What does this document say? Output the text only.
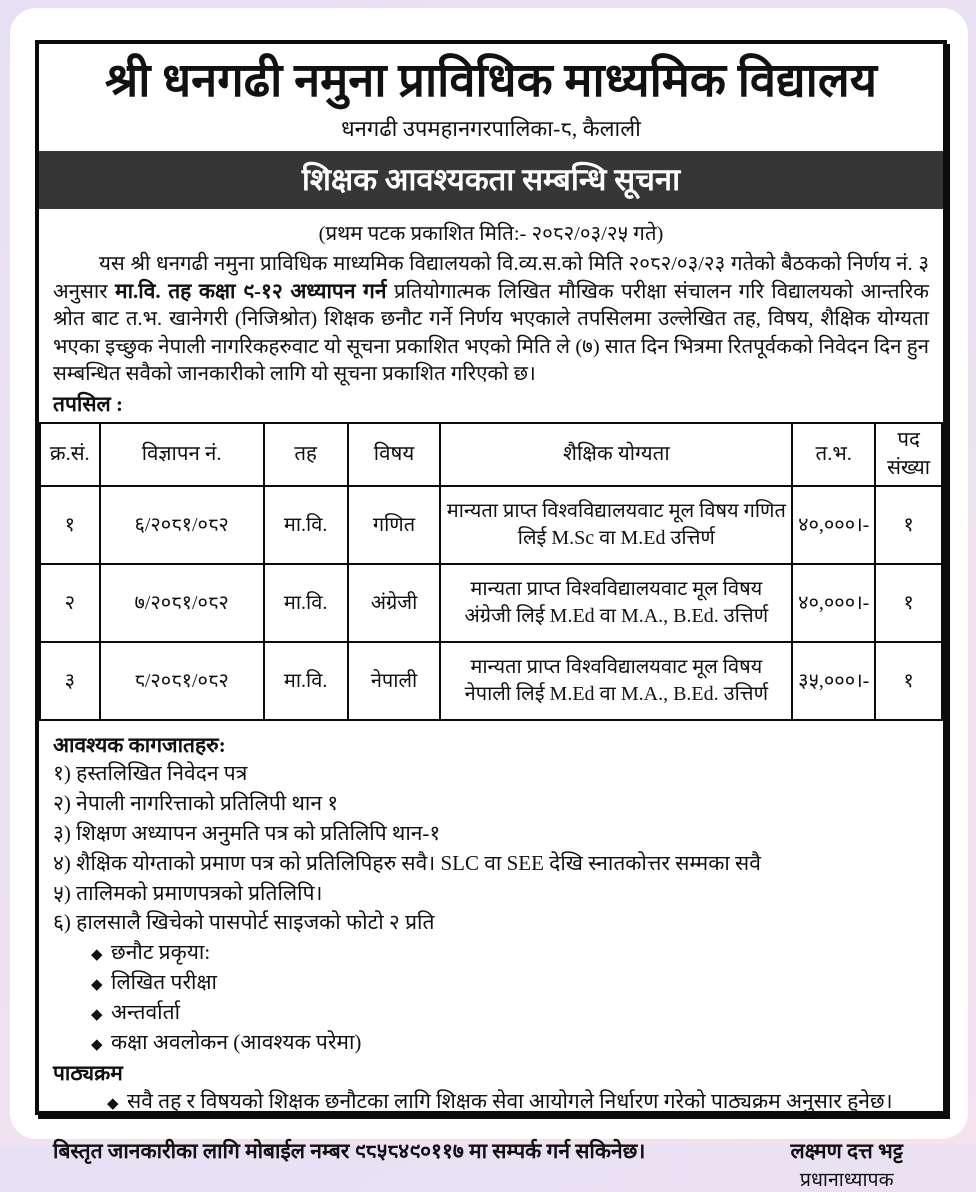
श्री धनगढी नमुना प्राविधिक माध्यमिक विद्यालय
धनगढी उपमहानगरपालिका-८, कैलाली
शिक्षक आवश्यकता सम्बन्धि सूचना
(प्रथम पटक प्रकाशित मिति:- २०८२/०३/२५ गते)
यस श्री धनगढी नमुना प्राविधिक माध्यमिक विद्यालयको वि.व्य.स.को मिति २०८२/०३/२३ गतेको बैठकको निर्णय नं. ३ अनुसार मा.वि. तह कक्षा ९-१२ अध्यापन गर्न प्रतियोगात्मक लिखित मौखिक परीक्षा संचालन गरि विद्यालयको आन्तरिक श्रोत बाट त.भ. खानेगरी (निजिश्रोत) शिक्षक छनौट गर्ने निर्णय भएकाले तपसिलमा उल्लेखित तह, विषय, शैक्षिक योग्यता भएका इच्छुक नेपाली नागरिकहरुवाट यो सूचना प्रकाशित भएको मिति ले (७) सात दिन भित्रमा रितपूर्वकको निवेदन दिन हुन सम्बन्धित सवैको जानकारीको लागि यो सूचना प्रकाशित गरिएको छ।
तपसिल :
क्र.सं.	विज्ञापन नं.	तह	विषय	शैक्षिक योग्यता	त.भ.	पद संख्या
१	६/२०८१/०८२	मा.वि.	गणित	मान्यता प्राप्त विश्वविद्यालयवाट मूल विषय गणित लिई M.Sc वा M.Ed उत्तिर्ण	४०,०००।-	१
२	७/२०८१/०८२	मा.वि.	अंग्रेजी	मान्यता प्राप्त विश्वविद्यालयवाट मूल विषय अंग्रेजी लिई M.Ed वा M.A., B.Ed. उत्तिर्ण	४०,०००।-	१
३	८/२०८१/०८२	मा.वि.	नेपाली	मान्यता प्राप्त विश्वविद्यालयवाट मूल विषय नेपाली लिई M.Ed वा M.A., B.Ed. उत्तिर्ण	३५,०००।-	१
आवश्यक कागजातहरु:
१) हस्तलिखित निवेदन पत्र
२) नेपाली नागरित्ताको प्रतिलिपी थान १
३) शिक्षण अध्यापन अनुमति पत्र को प्रतिलिपि थान-१
४) शैक्षिक योग्ताको प्रमाण पत्र को प्रतिलिपिहरु सवै। SLC वा SEE देखि स्नातकोत्तर सम्मका सवै
५) तालिमको प्रमाणपत्रको प्रतिलिपि।
६) हालसालै खिचेको पासपोर्ट साइजको फोटो २ प्रति
◆ छनौट प्रकृया:
◆ लिखित परीक्षा
◆ अन्तर्वार्ता
◆ कक्षा अवलोकन (आवश्यक परेमा)
पाठ्यक्रम
◆ सवै तह र विषयको शिक्षक छनौटका लागि शिक्षक सेवा आयोगले निर्धारण गरेको पाठ्यक्रम अनुसार हुनेछ।
बिस्तृत जानकारीका लागि मोबाईल नम्बर ९८५८४९०११७ मा सम्पर्क गर्न सकिनेछ।	लक्ष्मण दत्त भट्ट
प्रधानाध्यापक
